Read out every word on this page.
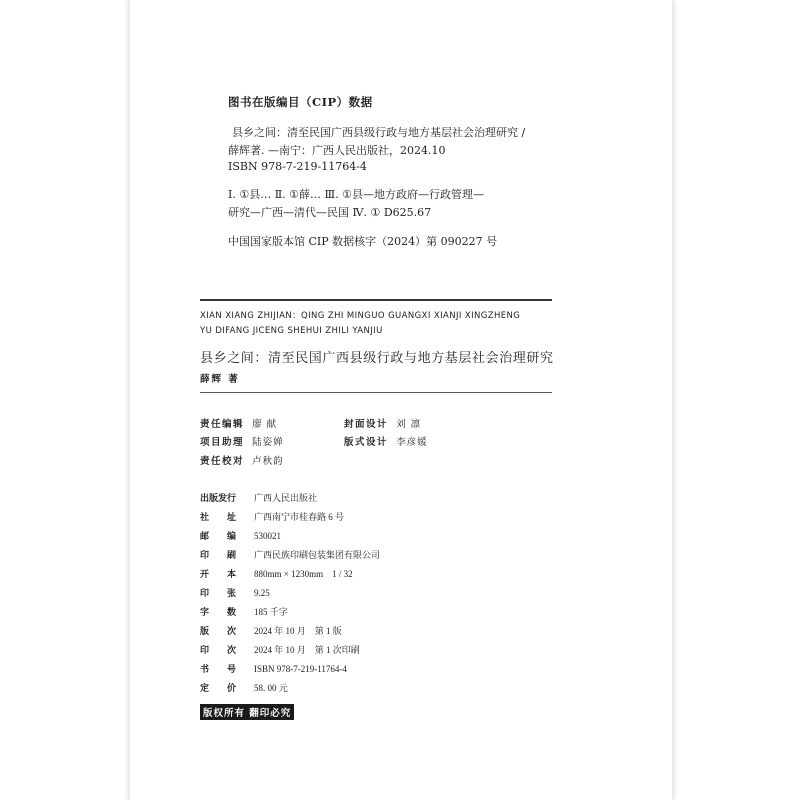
图书在版编目（CIP）数据
县乡之间：清至民国广西县级行政与地方基层社会治理研究 /
薛辉著. —南宁：广西人民出版社，2024.10
ISBN 978-7-219-11764-4
Ⅰ. ①县… Ⅱ. ①薛… Ⅲ. ①县—地方政府—行政管理—
研究—广西—清代—民国 Ⅳ. ① D625.67
中国国家版本馆 CIP 数据核字（2024）第 090227 号
XIAN XIANG ZHIJIAN：QING ZHI MINGUO GUANGXI XIANJI XINGZHENG
YU DIFANG JICENG SHEHUI ZHILI YANJIU
县乡之间：清至民国广西县级行政与地方基层社会治理研究
薛辉 著
责任编辑 廖 献	封面设计 刘 凛
项目助理 陆姿婵	版式设计 李彦媛
责任校对 卢秋韵
出版发行 广西人民出版社
社　　址 广西南宁市桂春路 6 号
邮　　编 530021
印　　刷 广西民族印刷包装集团有限公司
开　　本 880mm × 1230mm　1 / 32
印　　张 9.25
字　　数 185 千字
版　　次 2024 年 10 月　第 1 版
印　　次 2024 年 10 月　第 1 次印刷
书　　号 ISBN 978-7-219-11764-4
定　　价 58. 00 元
版权所有 翻印必究
